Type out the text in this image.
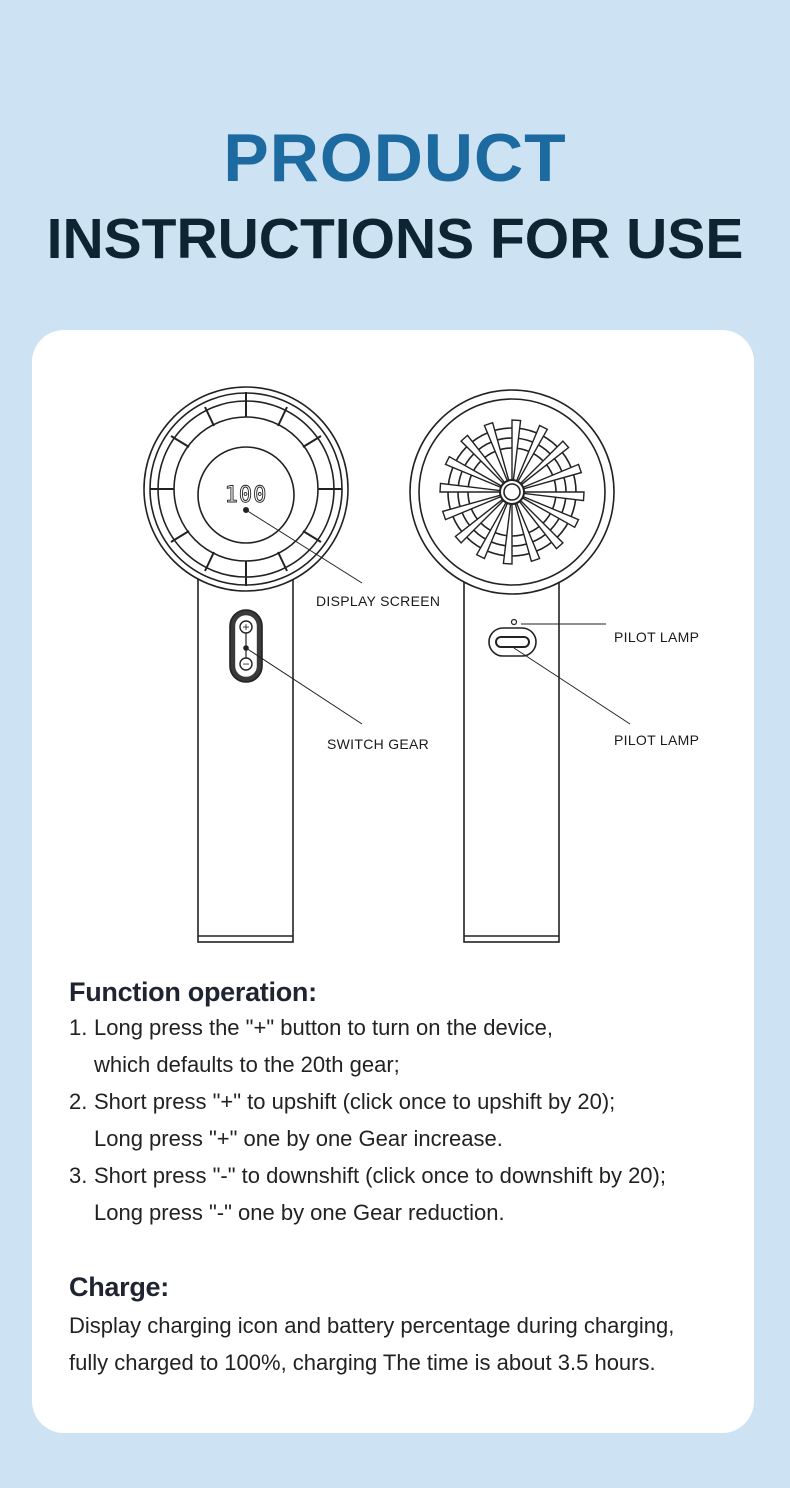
PRODUCT
INSTRUCTIONS FOR USE
100
+
−
DISPLAY SCREEN
SWITCH GEAR
PILOT LAMP
PILOT LAMP
Function operation:
1. Long press the "+" button to turn on the device,
which defaults to the 20th gear;
2. Short press "+" to upshift (click once to upshift by 20);
Long press "+" one by one Gear increase.
3. Short press "-" to downshift (click once to downshift by 20);
Long press "-" one by one Gear reduction.
Charge:
Display charging icon and battery percentage during charging,
fully charged to 100%, charging The time is about 3.5 hours.
